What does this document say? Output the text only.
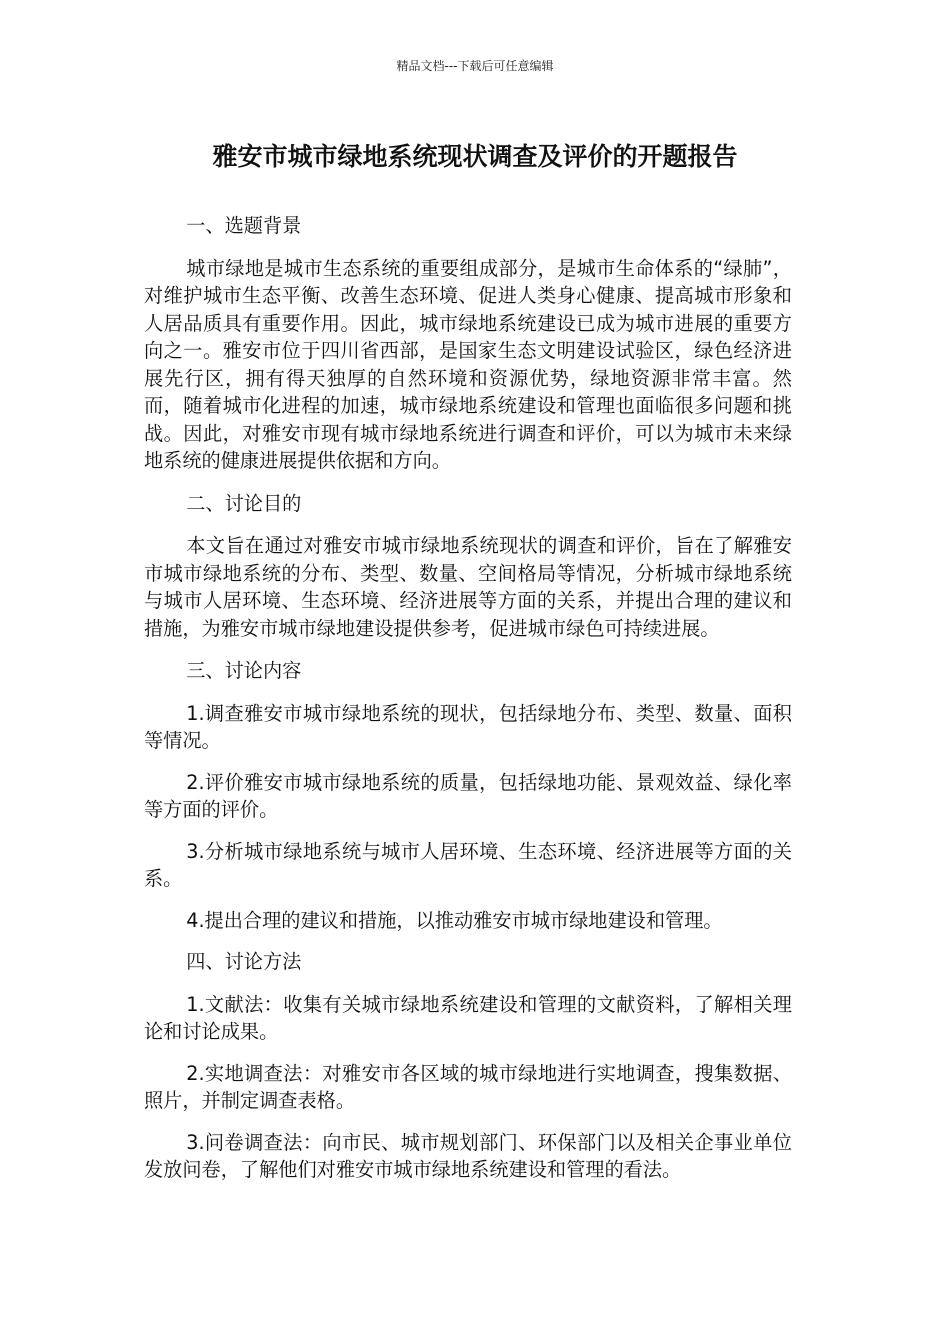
精品文档---下载后可任意编辑
雅安市城市绿地系统现状调查及评价的开题报告

一、选题背景

城市绿地是城市生态系统的重要组成部分，是城市生命体系的“绿肺”，对维护城市生态平衡、改善生态环境、促进人类身心健康、提高城市形象和人居品质具有重要作用。因此，城市绿地系统建设已成为城市进展的重要方向之一。雅安市位于四川省西部，是国家生态文明建设试验区，绿色经济进展先行区，拥有得天独厚的自然环境和资源优势，绿地资源非常丰富。然而，随着城市化进程的加速，城市绿地系统建设和管理也面临很多问题和挑战。因此，对雅安市现有城市绿地系统进行调查和评价，可以为城市未来绿地系统的健康进展提供依据和方向。

二、讨论目的

本文旨在通过对雅安市城市绿地系统现状的调查和评价，旨在了解雅安市城市绿地系统的分布、类型、数量、空间格局等情况，分析城市绿地系统与城市人居环境、生态环境、经济进展等方面的关系，并提出合理的建议和措施，为雅安市城市绿地建设提供参考，促进城市绿色可持续进展。

三、讨论内容

1.调查雅安市城市绿地系统的现状，包括绿地分布、类型、数量、面积等情况。

2.评价雅安市城市绿地系统的质量，包括绿地功能、景观效益、绿化率等方面的评价。

3.分析城市绿地系统与城市人居环境、生态环境、经济进展等方面的关系。

4.提出合理的建议和措施，以推动雅安市城市绿地建设和管理。

四、讨论方法

1.文献法：收集有关城市绿地系统建设和管理的文献资料，了解相关理论和讨论成果。

2.实地调查法：对雅安市各区域的城市绿地进行实地调查，搜集数据、照片，并制定调查表格。

3.问卷调查法：向市民、城市规划部门、环保部门以及相关企事业单位发放问卷，了解他们对雅安市城市绿地系统建设和管理的看法。
